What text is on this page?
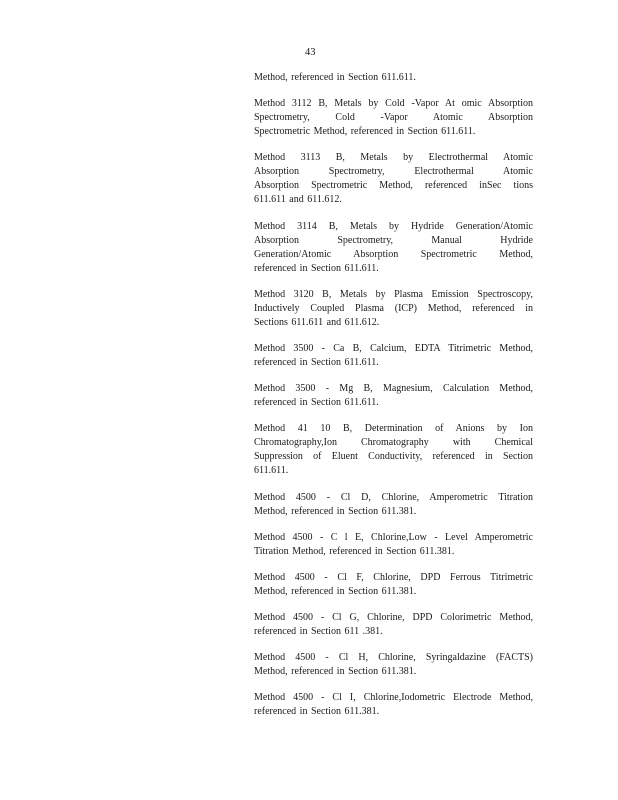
43
Method, referenced in Section 611.611.
Method 3112 B, Metals by Cold -Vapor At omic Absorption
Spectrometry, Cold -Vapor Atomic Absorption
Spectrometric Method, referenced in Section 611.611.
Method 3113 B, Metals by Electrothermal Atomic
Absorption Spectrometry, Electrothermal Atomic
Absorption Spectrometric Method, referenced inSec tions
611.611 and 611.612.
Method 3114 B, Metals by Hydride Generation/Atomic
Absorption Spectrometry, Manual Hydride
Generation/Atomic Absorption Spectrometric Method,
referenced in Section 611.611.
Method 3120 B, Metals by Plasma Emission Spectroscopy,
Inductively Coupled Plasma (ICP) Method, referenced in
Sections 611.611 and 611.612.
Method 3500 - Ca B, Calcium, EDTA Titrimetric Method,
referenced in Section 611.611.
Method 3500 - Mg B, Magnesium, Calculation Method,
referenced in Section 611.611.
Method 41 10 B, Determination of Anions by Ion
Chromatography,Ion Chromatography with Chemical
Suppression of Eluent Conductivity, referenced in Section
611.611.
Method 4500 - Cl D, Chlorine, Amperometric Titration
Method, referenced in Section 611.381.
Method 4500 - C l E, Chlorine,Low - Level Amperometric
Titration Method, referenced in Section 611.381.
Method 4500 - Cl F, Chlorine, DPD Ferrous Titrimetric
Method, referenced in Section 611.381.
Method 4500 - Cl G, Chlorine, DPD Colorimetric Method,
referenced in Section 611 .381.
Method 4500 - Cl H, Chlorine, Syringaldazine (FACTS)
Method, referenced in Section 611.381.
Method 4500 - Cl I, Chlorine,Iodometric Electrode Method,
referenced in Section 611.381.
